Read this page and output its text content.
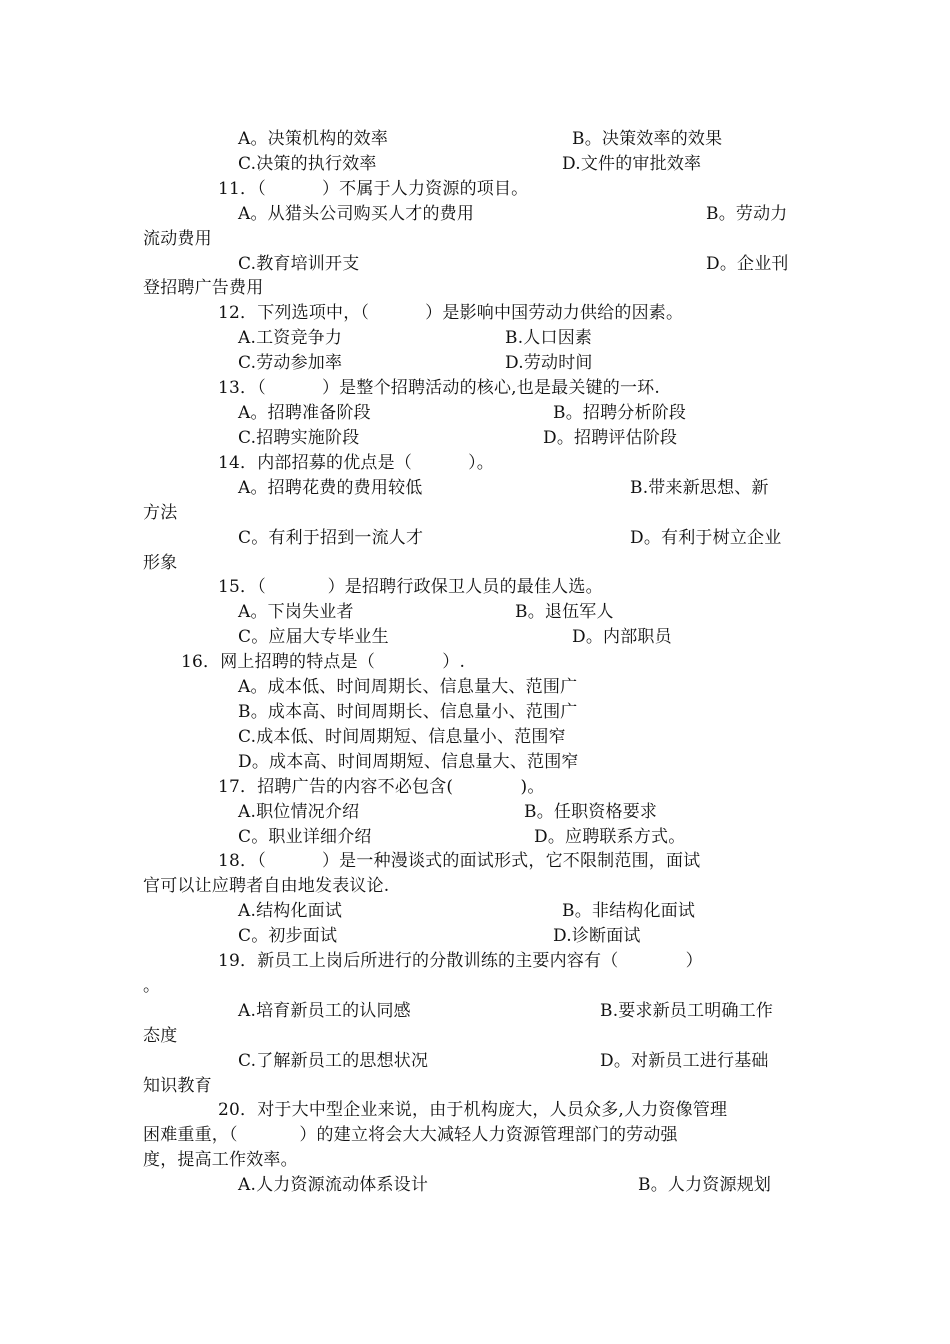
A。决策机构的效率	B。决策效率的效果
C.决策的执行效率	D.文件的审批效率
11．（          ）不属于人力资源的项目。
A。从猎头公司购买人才的费用	B。劳动力
流动费用
C.教育培训开支	D。企业刊
登招聘广告费用
12．下列选项中，（          ）是影响中国劳动力供给的因素。
A.工资竞争力	B.人口因素
C.劳动参加率	D.劳动时间
13．（          ）是整个招聘活动的核心,也是最关键的一环.
A。招聘准备阶段	B。招聘分析阶段
C.招聘实施阶段	D。招聘评估阶段
14．内部招募的优点是（          ）。
A。招聘花费的费用较低	B.带来新思想、新
方法
C。有利于招到一流人才	D。有利于树立企业
形象
15．（           ）是招聘行政保卫人员的最佳人选。
A。下岗失业者	B。退伍军人
C。应届大专毕业生	D。内部职员
16．网上招聘的特点是（            ）.
A。成本低、时间周期长、信息量大、范围广
B。成本高、时间周期长、信息量小、范围广
C.成本低、时间周期短、信息量小、范围窄
D。成本高、时间周期短、信息量大、范围窄
17．招聘广告的内容不必包含(            )。
A.职位情况介绍	B。任职资格要求
C。职业详细介绍	D。应聘联系方式。
18．（          ）是一种漫谈式的面试形式，它不限制范围，面试
官可以让应聘者自由地发表议论.
A.结构化面试	B。非结构化面试
C。初步面试	D.诊断面试
19．新员工上岗后所进行的分散训练的主要内容有（            ）
。
A.培育新员工的认同感	B.要求新员工明确工作
态度
C.了解新员工的思想状况	D。对新员工进行基础
知识教育
20．对于大中型企业来说，由于机构庞大，人员众多,人力资像管理
困难重重，（           ）的建立将会大大减轻人力资源管理部门的劳动强
度，提高工作效率。
A.人力资源流动体系设计	B。人力资源规划
